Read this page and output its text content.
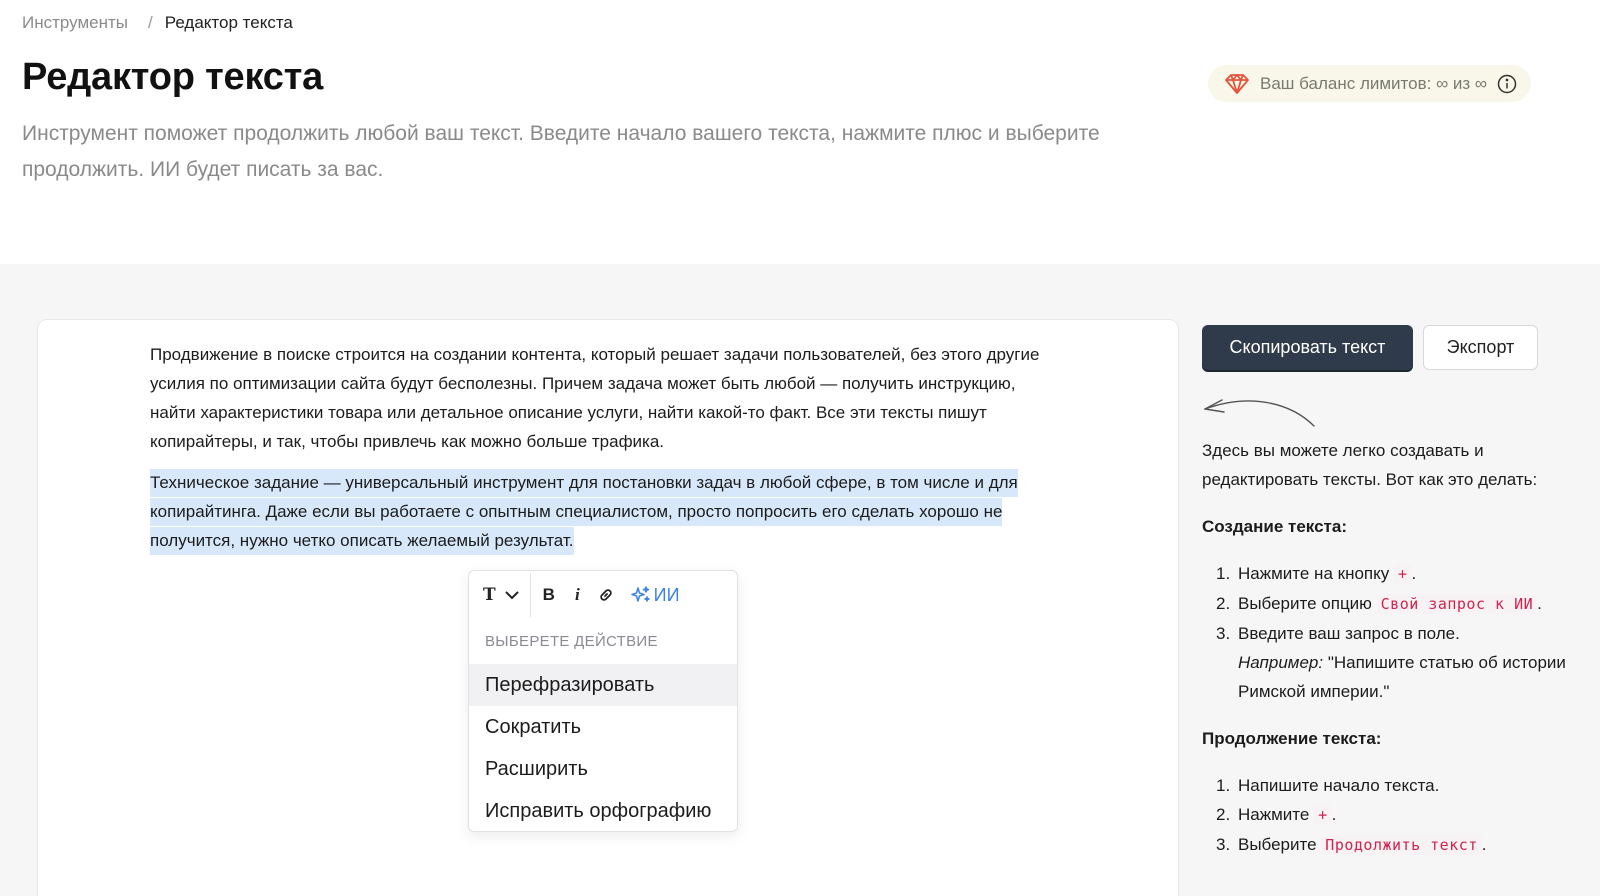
Инструменты / Редактор текста
Редактор текста

Инструмент поможет продолжить любой ваш текст. Введите начало вашего текста, нажмите плюс и выберите продолжить. ИИ будет писать за вас.

Ваш баланс лимитов: ∞ из ∞

Продвижение в поиске строится на создании контента, который решает задачи пользователей, без этого другие усилия по оптимизации сайта будут бесполезны. Причем задача может быть любой — получить инструкцию, найти характеристики товара или детальное описание услуги, найти какой-то факт. Все эти тексты пишут копирайтеры, и так, чтобы привлечь как можно больше трафика.

Техническое задание — универсальный инструмент для постановки задач в любой сфере, в том числе и для копирайтинга. Даже если вы работаете с опытным специалистом, просто попросить его сделать хорошо не получится, нужно четко описать желаемый результат.

T	B i	ИИ
ВЫБЕРЕТЕ ДЕЙСТВИЕ
Перефразировать
Сократить
Расширить
Исправить орфографию
Скопировать текст	Экспорт

Здесь вы можете легко создавать и редактировать тексты. Вот как это делать:

Создание текста:
1. Нажмите на кнопку + .
2. Выберите опцию Свой запрос к ИИ .
3. Введите ваш запрос в поле.
Например: "Напишите статью об истории Римской империи."
Продолжение текста:
1. Напишите начало текста.
2. Нажмите + .
3. Выберите Продолжить текст .
